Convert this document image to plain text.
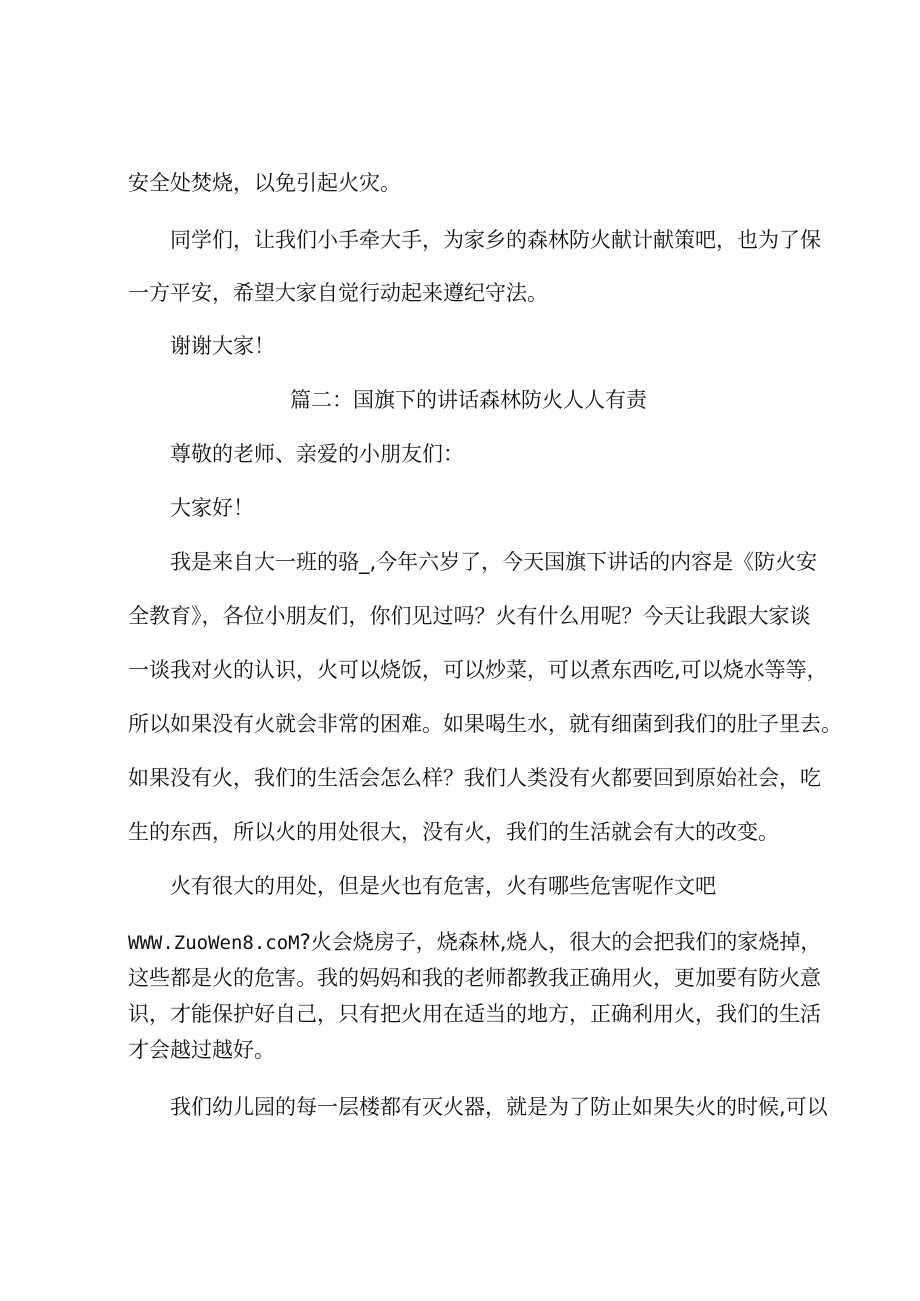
安全处焚烧，以免引起火灾。
同学们，让我们小手牵大手，为家乡的森林防火献计献策吧，也为了保
一方平安，希望大家自觉行动起来遵纪守法。
谢谢大家！
篇二：国旗下的讲话森林防火人人有责
尊敬的老师、亲爱的小朋友们：
大家好！
我是来自大一班的骆_,今年六岁了，今天国旗下讲话的内容是《防火安
全教育》，各位小朋友们，你们见过吗？火有什么用呢？今天让我跟大家谈
一谈我对火的认识，火可以烧饭，可以炒菜，可以煮东西吃,可以烧水等等，
所以如果没有火就会非常的困难。如果喝生水，就有细菌到我们的肚子里去。
如果没有火，我们的生活会怎么样？我们人类没有火都要回到原始社会，吃
生的东西，所以火的用处很大，没有火，我们的生活就会有大的改变。
火有很大的用处，但是火也有危害，火有哪些危害呢作文吧
WWW.ZuoWen8.coM?火会烧房子，烧森林,烧人，很大的会把我们的家烧掉，
这些都是火的危害。我的妈妈和我的老师都教我正确用火，更加要有防火意
识，才能保护好自己，只有把火用在适当的地方，正确利用火，我们的生活
才会越过越好。
我们幼儿园的每一层楼都有灭火器，就是为了防止如果失火的时候,可以
